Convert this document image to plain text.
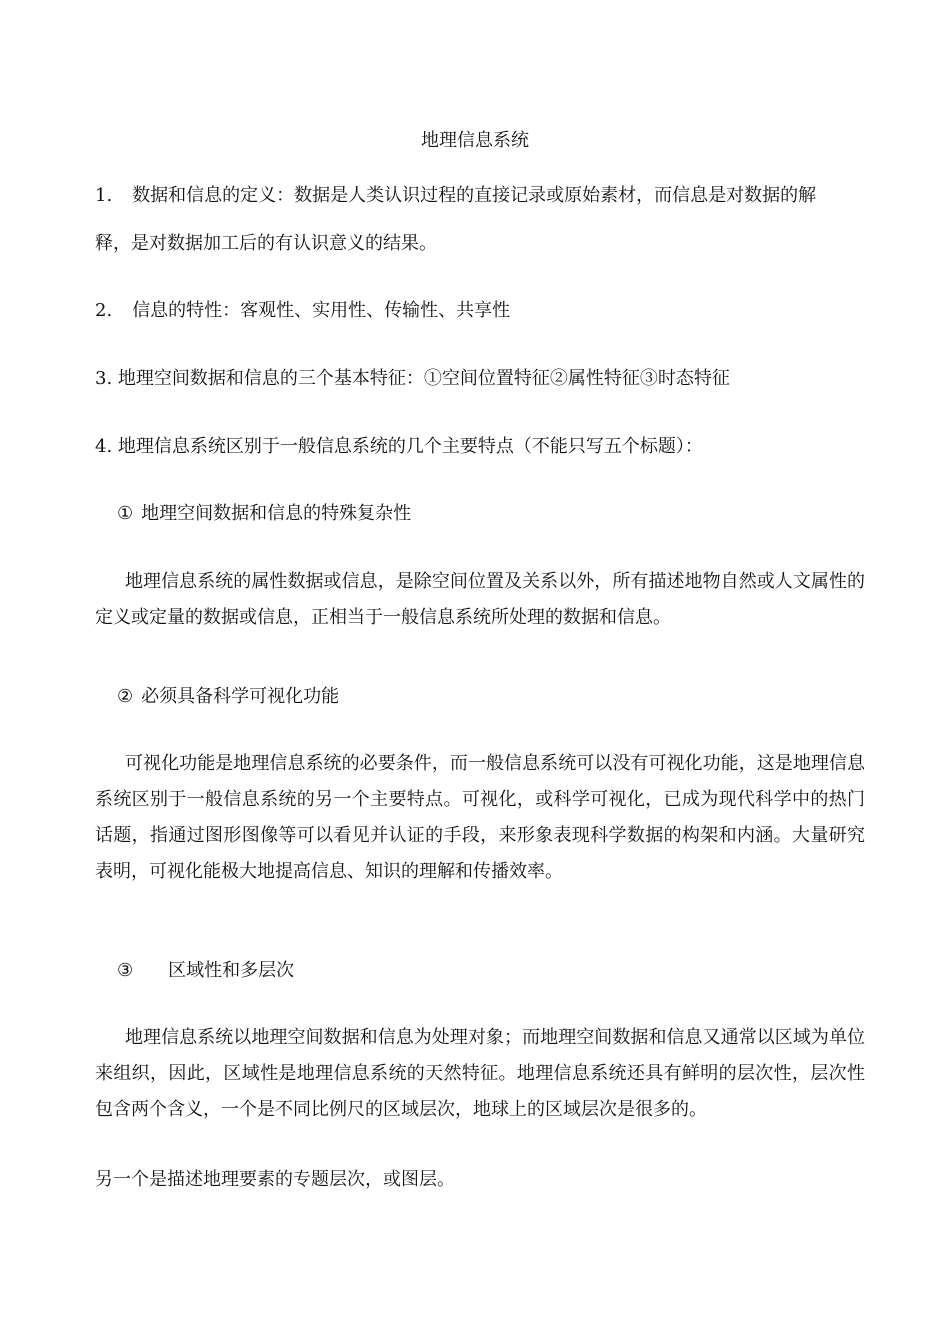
地理信息系统
1. 数据和信息的定义：数据是人类认识过程的直接记录或原始素材，而信息是对数据的解
释，是对数据加工后的有认识意义的结果。
2. 信息的特性：客观性、实用性、传输性、共享性
3. 地理空间数据和信息的三个基本特征：①空间位置特征②属性特征③时态特征
4. 地理信息系统区别于一般信息系统的几个主要特点（不能只写五个标题）：
① 地理空间数据和信息的特殊复杂性

地理信息系统的属性数据或信息，是除空间位置及关系以外，所有描述地物自然或人文属性的定义或定量的数据或信息，正相当于一般信息系统所处理的数据和信息。

② 必须具备科学可视化功能

可视化功能是地理信息系统的必要条件，而一般信息系统可以没有可视化功能，这是地理信息系统区别于一般信息系统的另一个主要特点。可视化，或科学可视化，已成为现代科学中的热门话题，指通过图形图像等可以看见并认证的手段，来形象表现科学数据的构架和内涵。大量研究表明，可视化能极大地提高信息、知识的理解和传播效率。

③ 区域性和多层次

地理信息系统以地理空间数据和信息为处理对象；而地理空间数据和信息又通常以区域为单位来组织，因此，区域性是地理信息系统的天然特征。地理信息系统还具有鲜明的层次性，层次性包含两个含义，一个是不同比例尺的区域层次，地球上的区域层次是很多的。

另一个是描述地理要素的专题层次，或图层。
